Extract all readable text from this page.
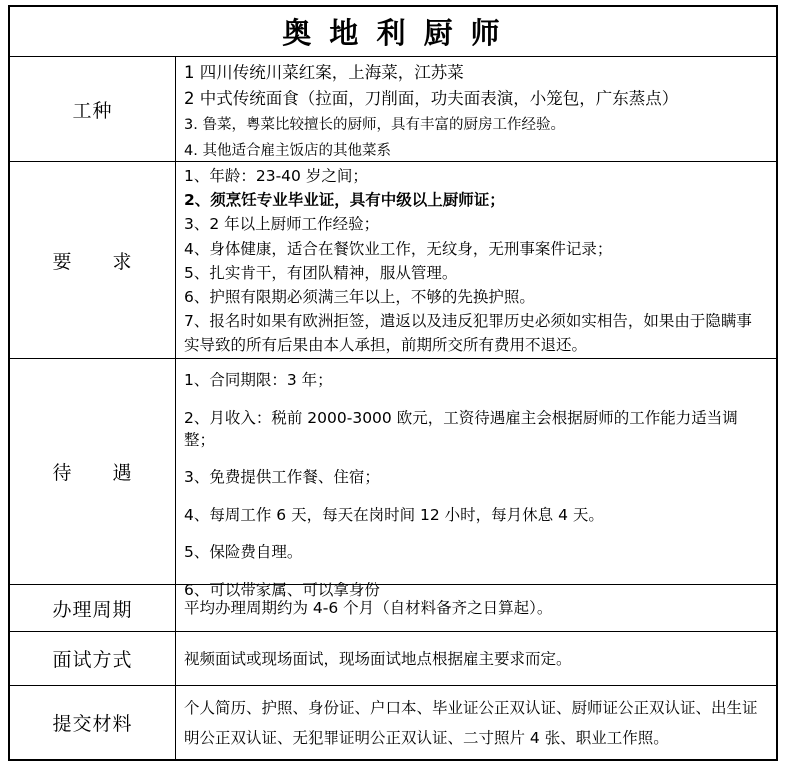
奥 地 利 厨 师
工种

1 四川传统川菜红案，上海菜，江苏菜

2 中式传统面食（拉面，刀削面，功夫面表演，小笼包，广东蒸点）

3. 鲁菜，粤菜比较擅长的厨师，具有丰富的厨房工作经验。

4. 其他适合雇主饭店的其他菜系

要　　求

1、年龄：23-40 岁之间；

2、须烹饪专业毕业证，具有中级以上厨师证；

3、2 年以上厨师工作经验；

4、身体健康，适合在餐饮业工作，无纹身，无刑事案件记录；

5、扎实肯干，有团队精神，服从管理。

6、护照有限期必须满三年以上，不够的先换护照。

7、报名时如果有欧洲拒签，遣返以及违反犯罪历史必须如实相告，如果由于隐瞒事实导致的所有后果由本人承担，前期所交所有费用不退还。

待　　遇

1、合同期限：3 年；

2、月收入：税前 2000-3000 欧元，工资待遇雇主会根据厨师的工作能力适当调整；

3、免费提供工作餐、住宿；

4、每周工作 6 天，每天在岗时间 12 小时，每月休息 4 天。

5、保险费自理。

6、可以带家属、可以拿身份

办理周期	平均办理周期约为 4-6 个月（自材料备齐之日算起）。

面试方式	视频面试或现场面试，现场面试地点根据雇主要求而定。

提交材料

个人简历、护照、身份证、户口本、毕业证公正双认证、厨师证公正双认证、出生证明公正双认证、无犯罪证明公正双认证、二寸照片 4 张、职业工作照。
